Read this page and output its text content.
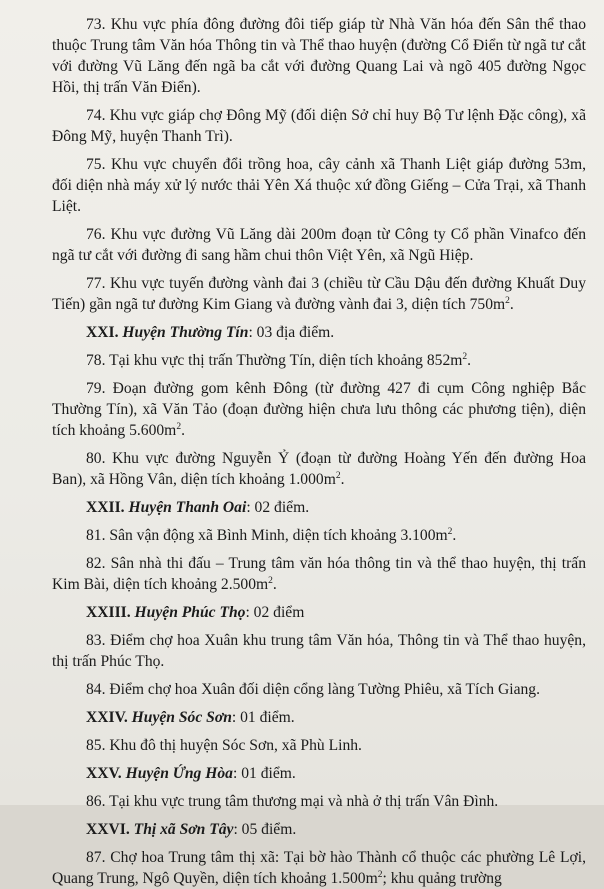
73. Khu vực phía đông đường đôi tiếp giáp từ Nhà Văn hóa đến Sân thể thao thuộc Trung tâm Văn hóa Thông tin và Thể thao huyện (đường Cổ Điển từ ngã tư cắt với đường Vũ Lăng đến ngã ba cắt với đường Quang Lai và ngõ 405 đường Ngọc Hồi, thị trấn Văn Điển).

74. Khu vực giáp chợ Đông Mỹ (đối diện Sở chỉ huy Bộ Tư lệnh Đặc công), xã Đông Mỹ, huyện Thanh Trì).

75. Khu vực chuyển đổi trồng hoa, cây cảnh xã Thanh Liệt giáp đường 53m, đối diện nhà máy xử lý nước thải Yên Xá thuộc xứ đồng Giếng – Cửa Trại, xã Thanh Liệt.

76. Khu vực đường Vũ Lăng dài 200m đoạn từ Công ty Cổ phần Vinafco đến ngã tư cắt với đường đi sang hầm chui thôn Việt Yên, xã Ngũ Hiệp.

77. Khu vực tuyến đường vành đai 3 (chiều từ Cầu Dậu đến đường Khuất Duy Tiến) gần ngã tư đường Kim Giang và đường vành đai 3, diện tích $750m^2$.

XXI. Huyện Thường Tín: 03 địa điểm.

78. Tại khu vực thị trấn Thường Tín, diện tích khoảng $852m^2$.

79. Đoạn đường gom kênh Đông (từ đường 427 đi cụm Công nghiệp Bắc Thường Tín), xã Văn Tảo (đoạn đường hiện chưa lưu thông các phương tiện), diện tích khoảng $5.600m^2$.

80. Khu vực đường Nguyễn Ỷ (đoạn từ đường Hoàng Yến đến đường Hoa Ban), xã Hồng Vân, diện tích khoảng $1.000m^2$.

XXII. Huyện Thanh Oai: 02 điểm.

81. Sân vận động xã Bình Minh, diện tích khoảng $3.100m^2$.

82. Sân nhà thi đấu – Trung tâm văn hóa thông tin và thể thao huyện, thị trấn Kim Bài, diện tích khoảng $2.500m^2$.

XXIII. Huyện Phúc Thọ: 02 điểm

83. Điểm chợ hoa Xuân khu trung tâm Văn hóa, Thông tin và Thể thao huyện, thị trấn Phúc Thọ.

84. Điểm chợ hoa Xuân đối diện cổng làng Tường Phiêu, xã Tích Giang.

XXIV. Huyện Sóc Sơn: 01 điểm.

85. Khu đô thị huyện Sóc Sơn, xã Phù Linh.

XXV. Huyện Ứng Hòa: 01 điểm.

86. Tại khu vực trung tâm thương mại và nhà ở thị trấn Vân Đình.

XXVI. Thị xã Sơn Tây: 05 điểm.

87. Chợ hoa Trung tâm thị xã: Tại bờ hào Thành cổ thuộc các phường Lê Lợi, Quang Trung, Ngô Quyền, diện tích khoảng $1.500m^2$; khu quảng trường
